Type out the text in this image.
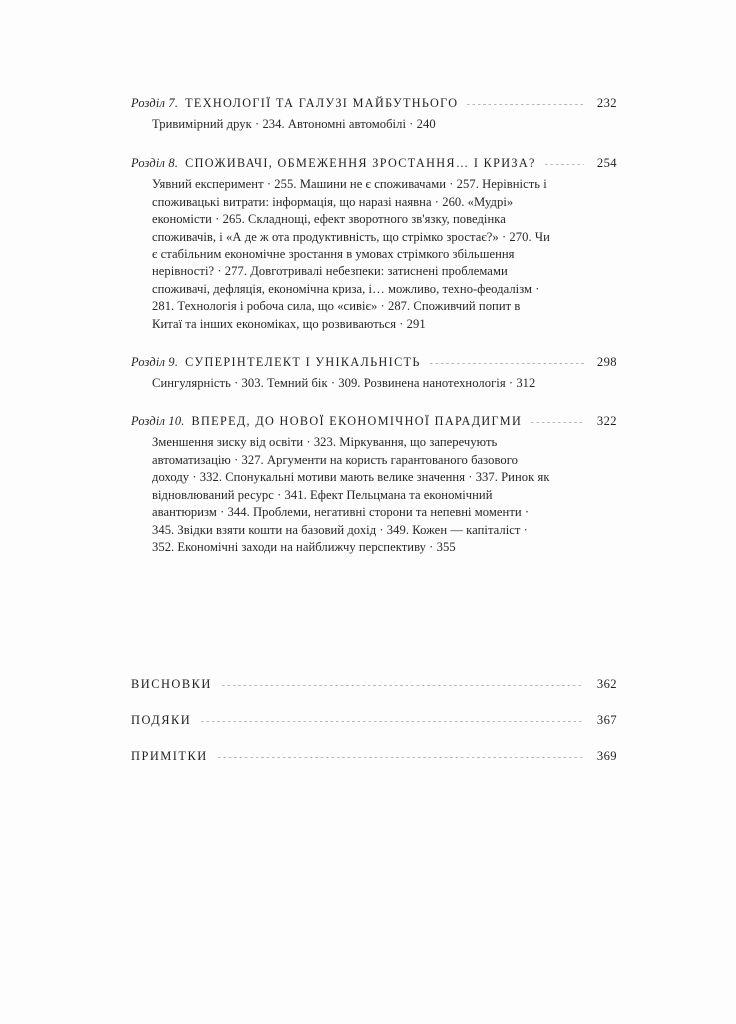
Розділ 7. ТЕХНОЛОГІЇ ТА ГАЛУЗІ МАЙБУТНЬОГО	232
Тривимірний друк · 234. Автономні автомобілі · 240
Розділ 8. СПОЖИВАЧІ, ОБМЕЖЕННЯ ЗРОСТАННЯ… І КРИЗА?	254
Уявний експеримент · 255. Машини не є споживачами · 257. Нерівність і споживацькі витрати: інформація, що наразі наявна · 260. «Мудрі» економісти · 265. Складнощі, ефект зворотного зв'язку, поведінка споживачів, і «А де ж ота продуктивність, що стрімко зростає?» · 270. Чи є стабільним економічне зростання в умовах стрімкого збільшення нерівності? · 277. Довготривалі небезпеки: затиснені проблемами споживачі, дефляція, економічна криза, і… можливо, техно-феодалізм · 281. Технологія і робоча сила, що «сивіє» · 287. Споживчий попит в Китаї та інших економіках, що розвиваються · 291
Розділ 9. СУПЕРІНТЕЛЕКТ І УНІКАЛЬНІСТЬ	298
Сингулярність · 303. Темний бік · 309. Розвинена нанотехнологія · 312
Розділ 10. ВПЕРЕД, ДО НОВОЇ ЕКОНОМІЧНОЇ ПАРАДИГМИ	322
Зменшення зиску від освіти · 323. Міркування, що заперечують автоматизацію · 327. Аргументи на користь гарантованого базового доходу · 332. Спонукальні мотиви мають велике значення · 337. Ринок як відновлюваний ресурс · 341. Ефект Пельцмана та економічний авантюризм · 344. Проблеми, негативні сторони та непевні моменти · 345. Звідки взяти кошти на базовий дохід · 349. Кожен — капіталіст · 352. Економічні заходи на найближчу перспективу · 355
ВИСНОВКИ	362
ПОДЯКИ	367
ПРИМІТКИ	369
